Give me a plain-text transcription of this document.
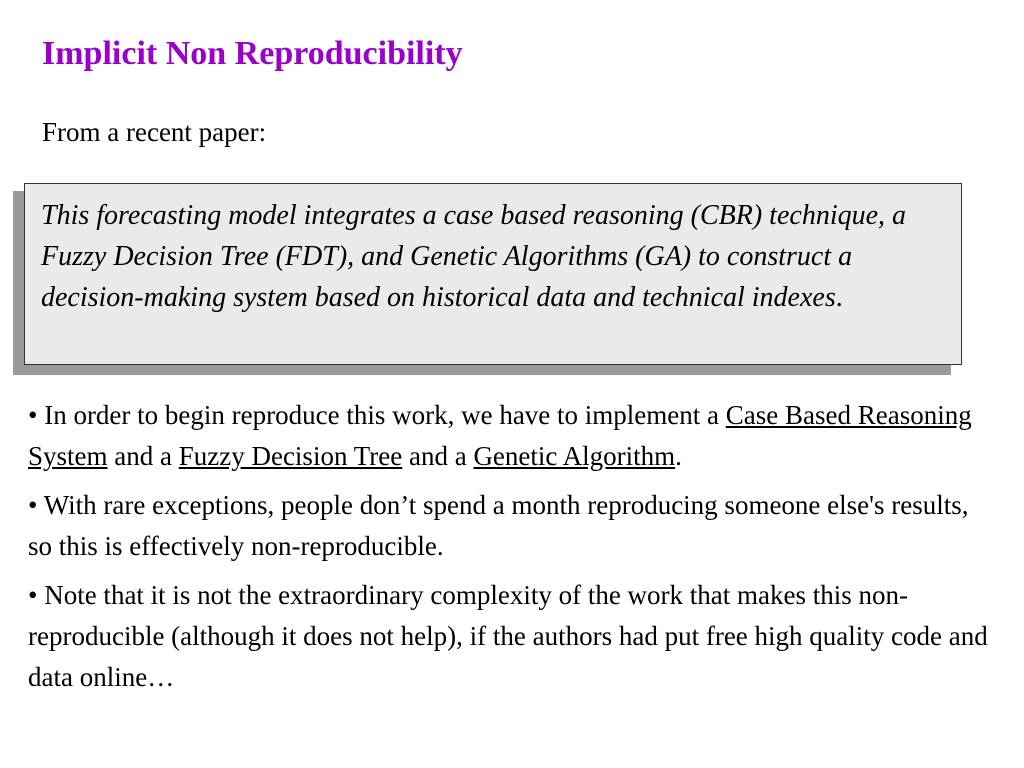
Implicit Non Reproducibility
From a recent paper:
This forecasting model integrates a case based reasoning (CBR) technique, a Fuzzy Decision Tree (FDT), and Genetic Algorithms (GA) to construct a decision-making system based on historical data and technical indexes.
• In order to begin reproduce this work, we have to implement a Case Based Reasoning System and a Fuzzy Decision Tree and a Genetic Algorithm.
• With rare exceptions, people don’t spend a month reproducing someone else's results, so this is effectively non-reproducible.
• Note that it is not the extraordinary complexity of the work that makes this non-reproducible (although it does not help), if the authors had put free high quality code and data online…
